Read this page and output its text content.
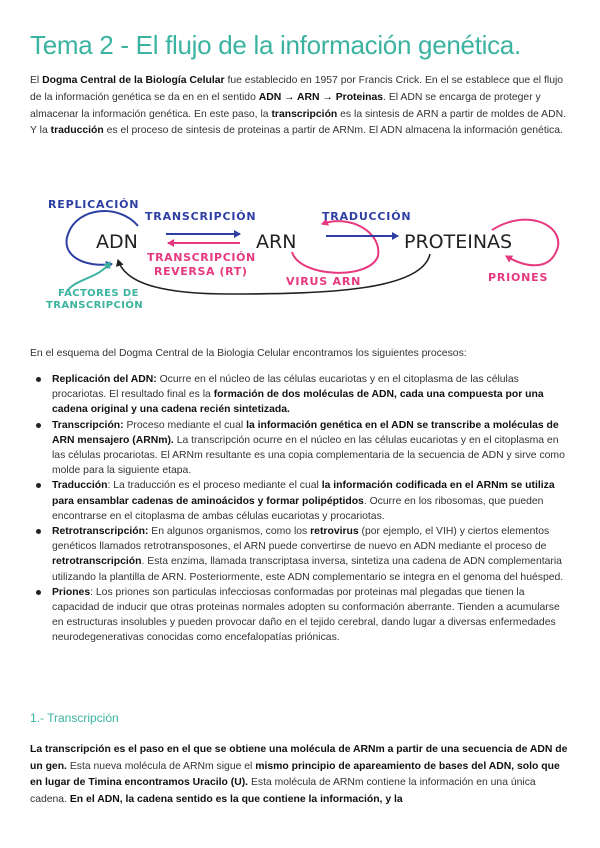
Tema 2 - El flujo de la información genética.

El Dogma Central de la Biología Celular fue establecido en 1957 por Francis Crick. En el se establece que el flujo de la información genética se da en en el sentido ADN → ARN → Proteinas. El ADN se encarga de proteger y almacenar la información genética. En este paso, la transcripción es la sintesis de ARN a partir de moldes de ADN. Y la traducción es el proceso de sintesis de proteinas a partir de ARNm. El ADN almacena la información genética.

REPLICACIÓN
ADN
TRANSCRIPCIÓN
TRANSCRIPCIÓN
REVERSA (RT)
ARN
VIRUS ARN
TRADUCCIÓN
PROTEINAS
PRIONES
FACTORES DE
TRANSCRIPCIÓN

En el esquema del Dogma Central de la Biologia Celular encontramos los siguientes procesos:

Replicación del ADN: Ocurre en el núcleo de las células eucariotas y en el citoplasma de las células procariotas. El resultado final es la formación de dos moléculas de ADN, cada una compuesta por una cadena original y una cadena recién sintetizada.
Transcripción: Proceso mediante el cual la información genética en el ADN se transcribe a moléculas de ARN mensajero (ARNm). La transcripción ocurre en el núcleo en las células eucariotas y en el citoplasma en las células procariotas. El ARNm resultante es una copia complementaria de la secuencia de ADN y sirve como molde para la siguiente etapa.
Traducción: La traducción es el proceso mediante el cual la información codificada en el ARNm se utiliza para ensamblar cadenas de aminoácidos y formar polipéptidos. Ocurre en los ribosomas, que pueden encontrarse en el citoplasma de ambas células eucariotas y procariotas.
Retrotranscripción: En algunos organismos, como los retrovirus (por ejemplo, el VIH) y ciertos elementos genéticos llamados retrotransposones, el ARN puede convertirse de nuevo en ADN mediante el proceso de retrotranscripción. Esta enzima, llamada transcriptasa inversa, sintetiza una cadena de ADN complementaria utilizando la plantilla de ARN. Posteriormente, este ADN complementario se integra en el genoma del huésped.
Priones: Los priones son particulas infecciosas conformadas por proteinas mal plegadas que tienen la capacidad de inducir que otras proteinas normales adopten su conformación aberrante. Tienden a acumularse en estructuras insolubles y pueden provocar daño en el tejido cerebral, dando lugar a diversas enfermedades neurodegenerativas conocidas como encefalopatías priónicas.
1.- Transcripción

La transcripción es el paso en el que se obtiene una molécula de ARNm a partir de una secuencia de ADN de un gen. Esta nueva molécula de ARNm sigue el mismo principio de apareamiento de bases del ADN, solo que en lugar de Timina encontramos Uracilo (U). Esta molécula de ARNm contiene la información en una única cadena. En el ADN, la cadena sentido es la que contiene la información, y la
